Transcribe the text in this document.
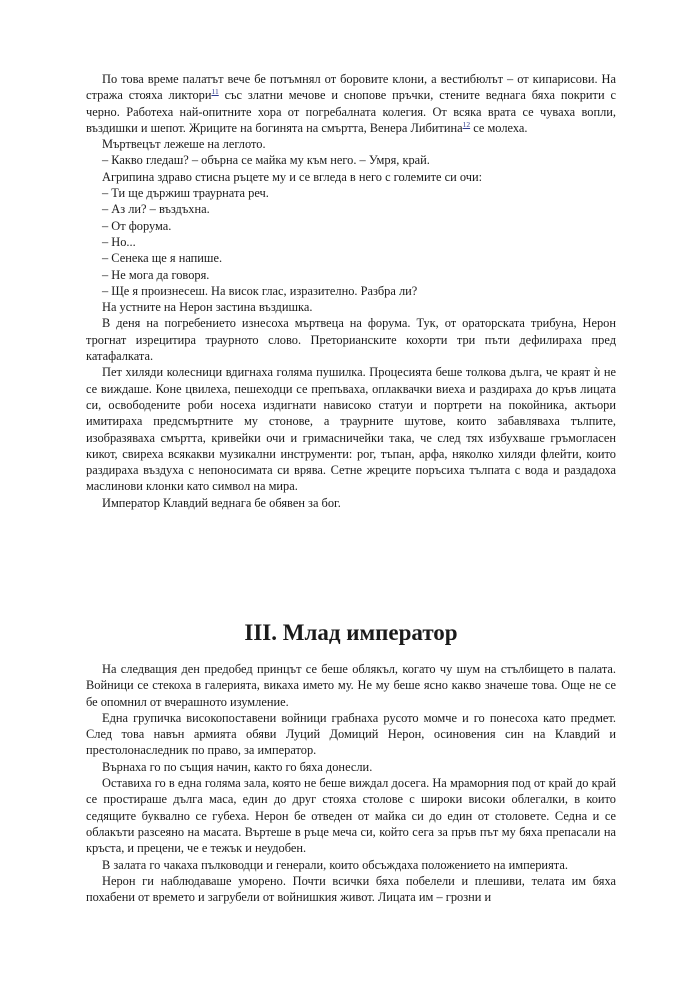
По това време палатът вече бе потъмнял от боровите клони, а вестибюлът – от кипарисови. На стража стояха ликтори$^{11}$ със златни мечове и снопове пръчки, стените веднага бяха покрити с черно. Работеха най-опитните хора от погребалната колегия. От всяка врата се чуваха вопли, въздишки и шепот. Жриците на богинята на смъртта, Венера Либитина$^{12}$ се молеха.

Мъртвецът лежеше на леглото.

– Какво гледаш? – обърна се майка му към него. – Умря, край.

Агрипина здраво стисна ръцете му и се вгледа в него с големите си очи:

– Ти ще държиш траурната реч.

– Аз ли? – въздъхна.

– От форума.

– Но...

– Сенека ще я напише.

– Не мога да говоря.

– Ще я произнесеш. На висок глас, изразително. Разбра ли?

На устните на Нерон застина въздишка.

В деня на погребението изнесоха мъртвеца на форума. Тук, от ораторската трибуна, Нерон трогнат изрецитира траурното слово. Преторианските кохорти три пъти дефилираха пред катафалката.

Пет хиляди колесници вдигнаха голяма пушилка. Процесията беше толкова дълга, че краят ѝ не се виждаше. Коне цвилеха, пешеходци се препъваха, оплаквачки виеха и раздираха до кръв лицата си, освободените роби носеха издигнати нависоко статуи и портрети на покойника, актьори имитираха предсмъртните му стонове, а траурните шутове, които забавляваха тълпите, изобразяваха смъртта, кривейки очи и гримасничейки така, че след тях избухваше гръмогласен кикот, свиреха всякакви музикални инструменти: рог, тъпан, арфа, няколко хиляди флейти, които раздираха въздуха с непоносимата си врява. Сетне жреците поръсиха тълпата с вода и раздадоха маслинови клонки като символ на мира.

Император Клавдий веднага бе обявен за бог.

III. Млад император

На следващия ден предобед принцът се беше облякъл, когато чу шум на стълбището в палата. Войници се стекоха в галерията, викаха името му. Не му беше ясно какво значеше това. Още не се бе опомнил от вчерашното изумление.

Една групичка високопоставени войници грабнаха русото момче и го понесоха като предмет. След това навън армията обяви Луций Домиций Нерон, осиновения син на Клавдий и престолонаследник по право, за император.

Върнаха го по същия начин, както го бяха донесли.

Оставиха го в една голяма зала, която не беше виждал досега. На мраморния под от край до край се простираше дълга маса, един до друг стояха столове с широки високи облегалки, в които седящите буквално се губеха. Нерон бе отведен от майка си до един от столовете. Седна и се облакъти разсеяно на масата. Въртеше в ръце меча си, който сега за пръв път му бяха препасали на кръста, и прецени, че е тежък и неудобен.

В залата го чакаха пълководци и генерали, които обсъждаха положението на империята.

Нерон ги наблюдаваше уморено. Почти всички бяха побелели и плешиви, телата им бяха похабени от времето и загрубели от войнишкия живот. Лицата им – грозни и
